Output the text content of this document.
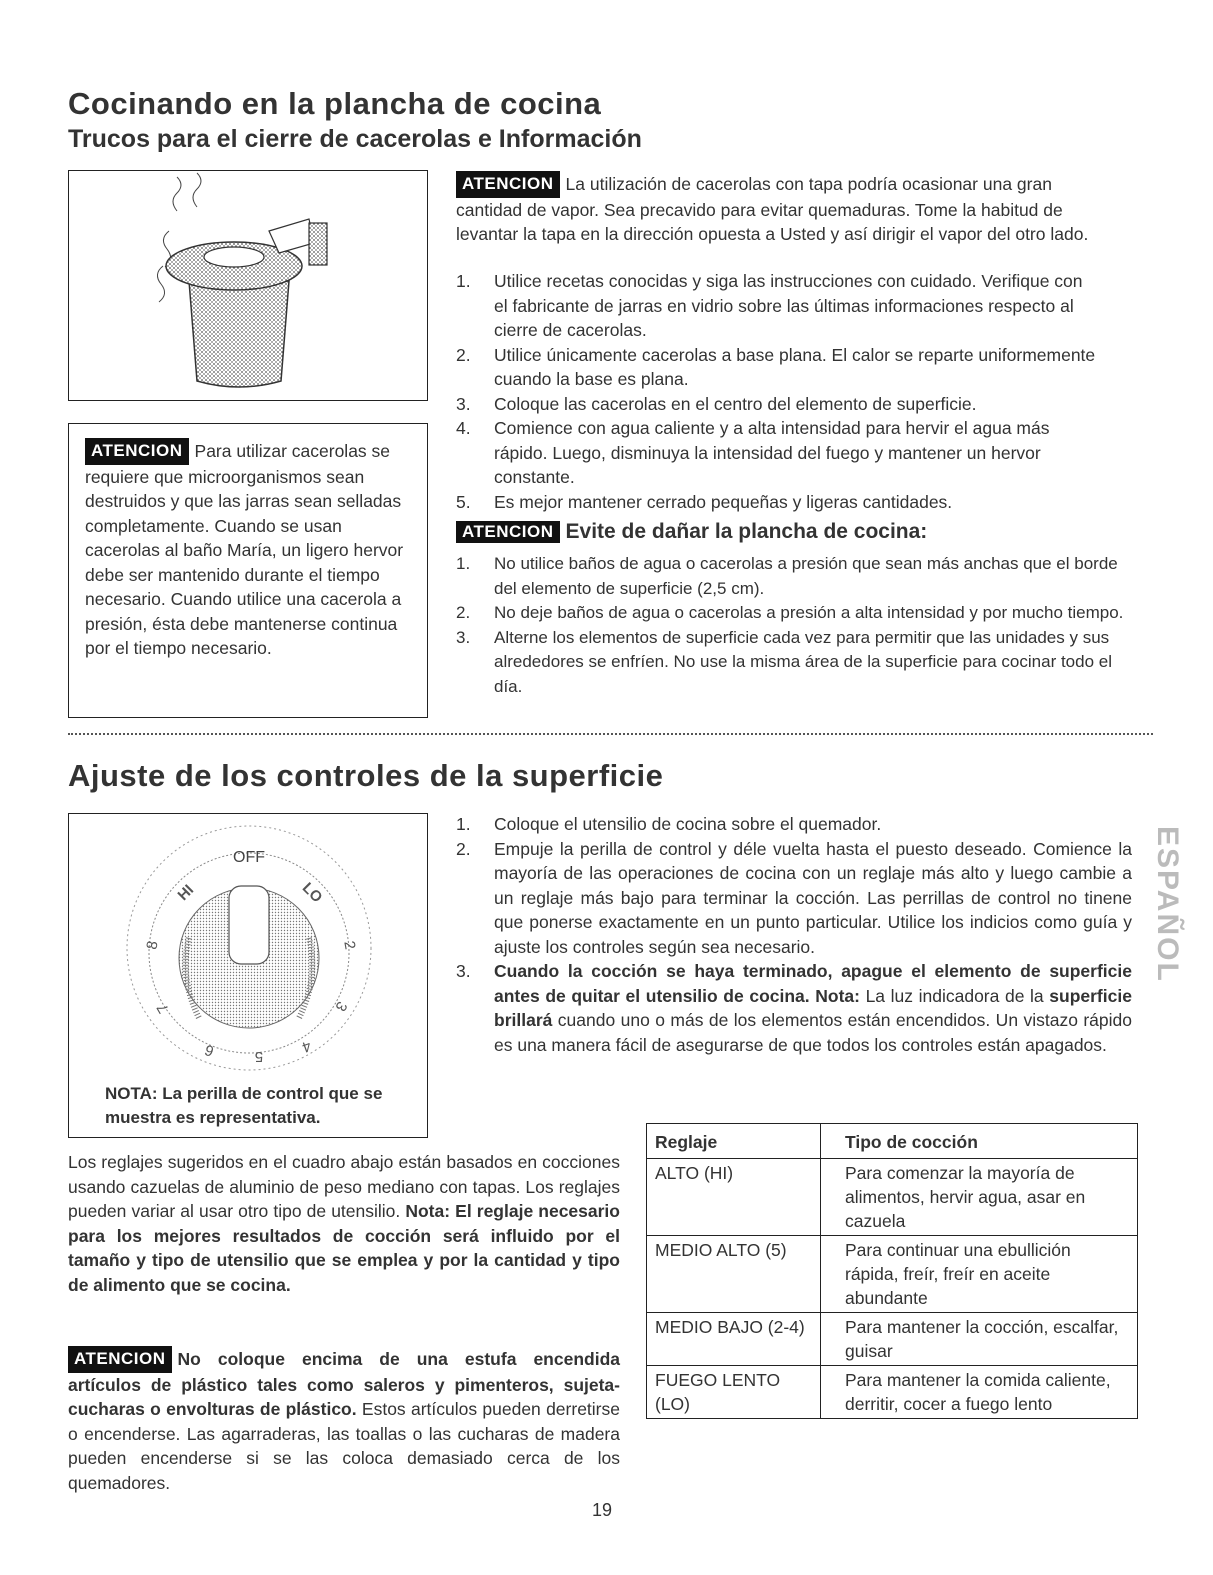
Cocinando en la plancha de cocina
Trucos para el cierre de cacerolas e Información
ATENCION Para utilizar cacerolas se requiere que microorganismos sean destruidos y que las jarras sean selladas completamente. Cuando se usan cacerolas al baño María, un ligero hervor debe ser mantenido durante el tiempo necesario. Cuando utilice una cacerola a presión, ésta debe mantenerse continua por el tiempo necesario.
ATENCION La utilización de cacerolas con tapa podría ocasionar una gran cantidad de vapor. Sea precavido para evitar quemaduras. Tome la habitud de levantar la tapa en la dirección opuesta a Usted y así dirigir el vapor del otro lado.
1. Utilice recetas conocidas y siga las instrucciones con cuidado. Verifique con el fabricante de jarras en vidrio sobre las últimas informaciones respecto al cierre de cacerolas.
2. Utilice únicamente cacerolas a base plana. El calor se reparte uniformemente cuando la base es plana.
3. Coloque las cacerolas en el centro del elemento de superficie.
4. Comience con agua caliente y a alta intensidad para hervir el agua más rápido. Luego, disminuya la intensidad del fuego y mantener un hervor constante.
5. Es mejor mantener cerrado pequeñas y ligeras cantidades.
ATENCION Evite de dañar la plancha de cocina:
1. No utilice baños de agua o cacerolas a presión que sean más anchas que el borde del elemento de superficie (2,5 cm).
2. No deje baños de agua o cacerolas a presión a alta intensidad y por mucho tiempo.
3. Alterne los elementos de superficie cada vez para permitir que las unidades y sus alrededores se enfríen. No use la misma área de la superficie para cocinar todo el día.
Ajuste de los controles de la superficie
OFF
HI	LO
8
7
6	5
4
3
2
NOTA: La perilla de control que se muestra es representativa.
1. Coloque el utensilio de cocina sobre el quemador.
2. Empuje la perilla de control y déle vuelta hasta el puesto deseado. Comience la mayoría de las operaciones de cocina con un reglaje más alto y luego cambie a un reglaje más bajo para terminar la cocción. Las perrillas de control no tinene que ponerse exactamente en un punto particular. Utilice los indicios como guía y ajuste los controles según sea necesario.
3. Cuando la cocción se haya terminado, apague el elemento de superficie antes de quitar el utensilio de cocina. Nota: La luz indicadora de la superficie brillará cuando uno o más de los elementos están encendidos. Un vistazo rápido es una manera fácil de asegurarse de que todos los controles están apagados.
ESPAÑOL
Los reglajes sugeridos en el cuadro abajo están basados en cocciones usando cazuelas de aluminio de peso mediano con tapas. Los reglajes pueden variar al usar otro tipo de utensilio. Nota: El reglaje necesario para los mejores resultados de cocción será influido por el tamaño y tipo de utensilio que se emplea y por la cantidad y tipo de alimento que se cocina.
ATENCION No coloque encima de una estufa encendida artículos de plástico tales como saleros y pimenteros, sujeta-cucharas o envolturas de plástico. Estos artículos pueden derretirse o encenderse. Las agarraderas, las toallas o las cucharas de madera pueden encenderse si se las coloca demasiado cerca de los quemadores.
Reglaje	Tipo de cocción
ALTO (HI)	Para comenzar la mayoría de alimentos, hervir agua, asar en cazuela
MEDIO ALTO (5)	Para continuar una ebullición rápida, freír, freír en aceite abundante
MEDIO BAJO (2-4)	Para mantener la cocción, escalfar, guisar
FUEGO LENTO (LO)	Para mantener la comida caliente, derritir, cocer a fuego lento
19
